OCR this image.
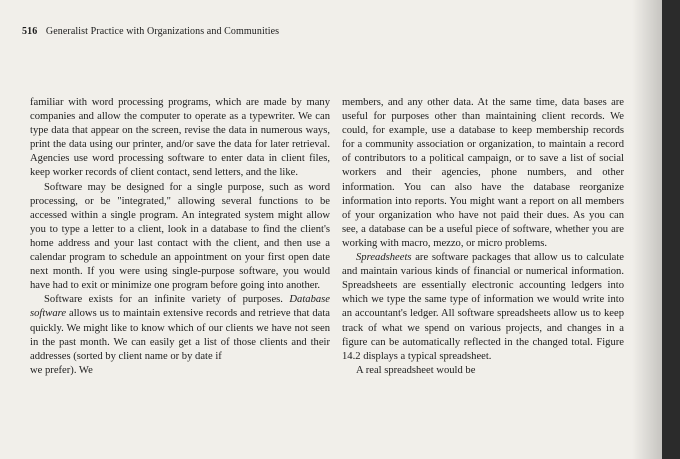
516 Generalist Practice with Organizations and Communities

familiar with word processing programs, which are made by many companies and allow the computer to operate as a typewriter. We can type data that appear on the screen, revise the data in numerous ways, print the data using our printer, and/or save the data for later retrieval. Agencies use word processing software to enter data in client files, keep worker records of client contact, send letters, and the like.

Software may be designed for a single purpose, such as word processing, or be "integrated," allowing several functions to be accessed within a single program. An integrated system might allow you to type a letter to a client, look in a database to find the client's home address and your last contact with the client, and then use a calendar program to schedule an appointment on your first open date next month. If you were using single-purpose software, you would have had to exit or minimize one program before going into another.

Software exists for an infinite variety of purposes. Database software allows us to maintain extensive records and retrieve that data quickly. We might like to know which of our clients we have not seen in the past month. We can easily get a list of those clients and their addresses (sorted by client name or by date if

we prefer). We

members, and any other data. At the same time, data bases are useful for purposes other than maintaining client records. We could, for example, use a database to keep membership records for a community association or organization, to maintain a record of contributors to a political campaign, or to save a list of social workers and their agencies, phone numbers, and other information. You can also have the database reorganize information into reports. You might want a report on all members of your organization who have not paid their dues. As you can see, a database can be a useful piece of software, whether you are working with macro, mezzo, or micro problems.

Spreadsheets are software packages that allow us to calculate and maintain various kinds of financial or numerical information. Spreadsheets are essentially electronic accounting ledgers into which we type the same type of information we would write into an accountant's ledger. All software spreadsheets allow us to keep track of what we spend on various projects, and changes in a figure can be automatically reflected in the changed total. Figure 14.2 displays a typical spreadsheet.

A real spreadsheet would be
